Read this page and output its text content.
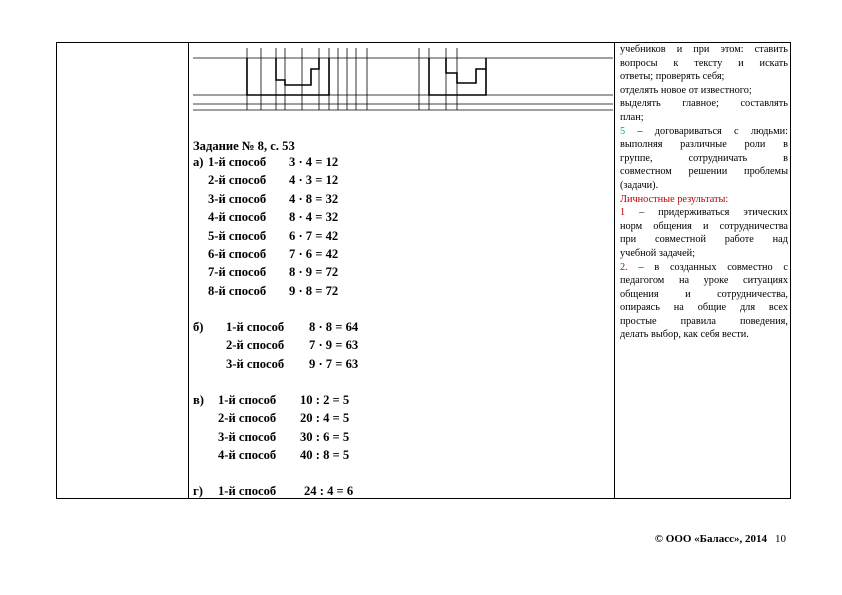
Задание № 8, с. 53
а) 1-й способ 3 · 4 = 12
2-й способ 4 · 3 = 12
3-й способ 4 · 8 = 32
4-й способ 8 · 4 = 32
5-й способ 6 · 7 = 42
6-й способ 7 · 6 = 42
7-й способ 8 · 9 = 72
8-й способ 9 · 8 = 72
б) 1-й способ 8 · 8 = 64
2-й способ 7 · 9 = 63
3-й способ 9 · 7 = 63
в) 1-й способ 10 : 2 = 5
2-й способ 20 : 4 = 5
3-й способ 30 : 6 = 5
4-й способ 40 : 8 = 5
г) 1-й способ 24 : 4 = 6

учебников и при этом: ставить

вопросы к тексту и искать

ответы; проверять себя;

отделять новое от известного;

выделять главное; составлять

план;

5 – договариваться с людьми:

выполняя различные роли в

группе, сотрудничать в

совместном решении проблемы

(задачи).

Личностные результаты:

1 – придерживаться этических

норм общения и сотрудничества

при совместной работе над

учебной задачей;

2. – в созданных совместно с

педагогом на уроке ситуациях

общения и сотрудничества,

опираясь на общие для всех

простые правила поведения,

делать выбор, как себя вести.

© ООО «Баласс», 2014 10
